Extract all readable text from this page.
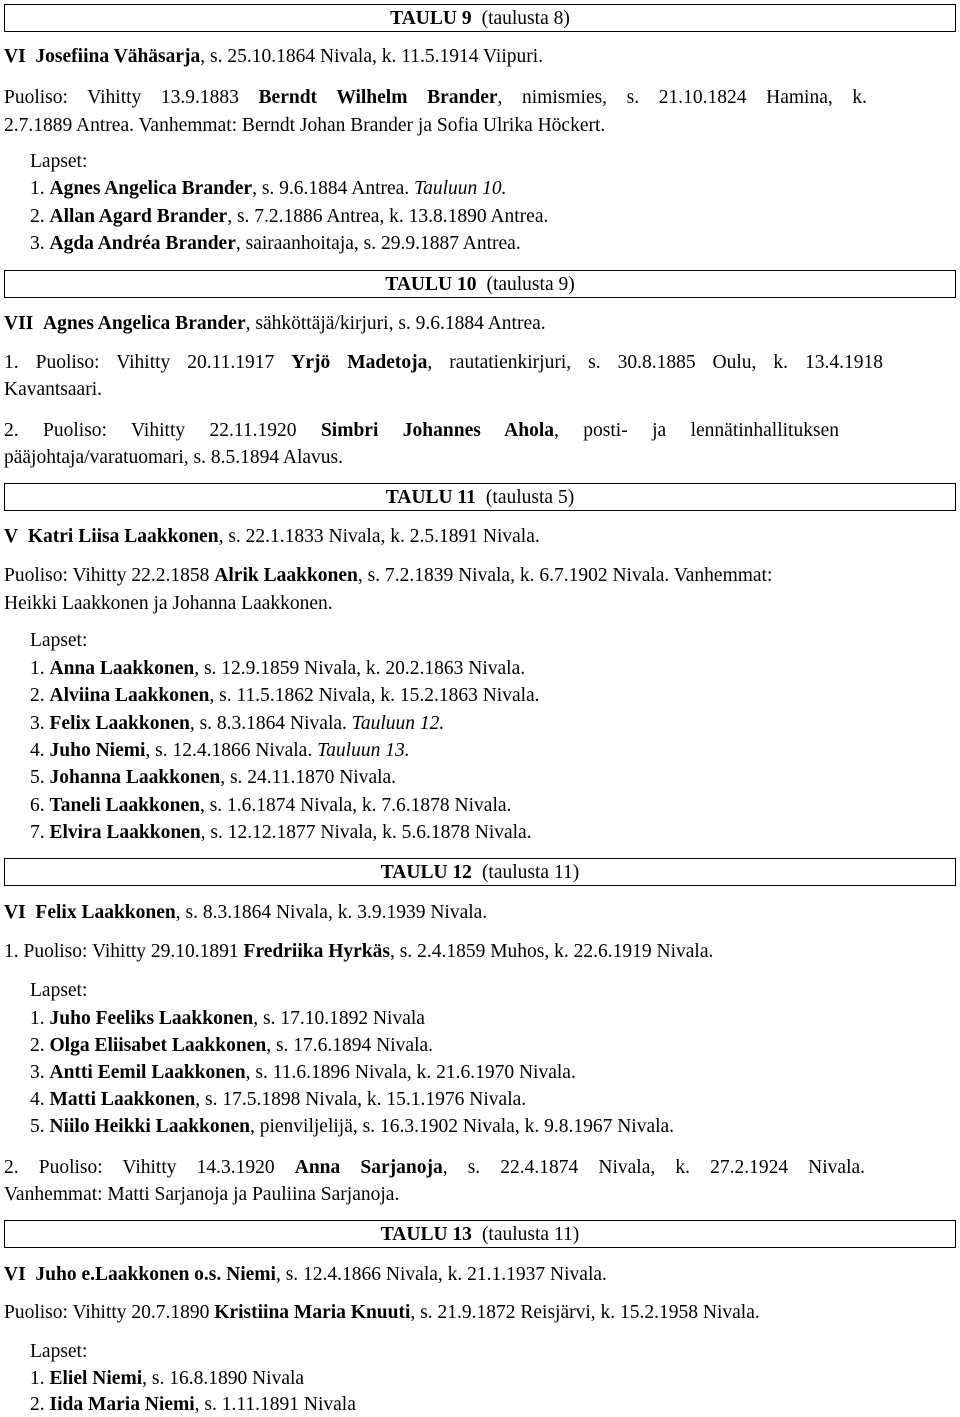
TAULU 9 (taulusta 8)
VI Josefiina Vähäsarja, s. 25.10.1864 Nivala, k. 11.5.1914 Viipuri.
Puoliso: Vihitty 13.9.1883 Berndt Wilhelm Brander, nimismies, s. 21.10.1824 Hamina, k.
2.7.1889 Antrea. Vanhemmat: Berndt Johan Brander ja Sofia Ulrika Höckert.
Lapset:
1. Agnes Angelica Brander, s. 9.6.1884 Antrea. Tauluun 10.
2. Allan Agard Brander, s. 7.2.1886 Antrea, k. 13.8.1890 Antrea.
3. Agda Andréa Brander, sairaanhoitaja, s. 29.9.1887 Antrea.
TAULU 10 (taulusta 9)
VII Agnes Angelica Brander, sähköttäjä/kirjuri, s. 9.6.1884 Antrea.
1. Puoliso: Vihitty 20.11.1917 Yrjö Madetoja, rautatienkirjuri, s. 30.8.1885 Oulu, k. 13.4.1918
Kavantsaari.
2. Puoliso: Vihitty 22.11.1920 Simbri Johannes Ahola, posti- ja lennätinhallituksen
pääjohtaja/varatuomari, s. 8.5.1894 Alavus.
TAULU 11 (taulusta 5)
V Katri Liisa Laakkonen, s. 22.1.1833 Nivala, k. 2.5.1891 Nivala.
Puoliso: Vihitty 22.2.1858 Alrik Laakkonen, s. 7.2.1839 Nivala, k. 6.7.1902 Nivala. Vanhemmat:
Heikki Laakkonen ja Johanna Laakkonen.
Lapset:
1. Anna Laakkonen, s. 12.9.1859 Nivala, k. 20.2.1863 Nivala.
2. Alviina Laakkonen, s. 11.5.1862 Nivala, k. 15.2.1863 Nivala.
3. Felix Laakkonen, s. 8.3.1864 Nivala. Tauluun 12.
4. Juho Niemi, s. 12.4.1866 Nivala. Tauluun 13.
5. Johanna Laakkonen, s. 24.11.1870 Nivala.
6. Taneli Laakkonen, s. 1.6.1874 Nivala, k. 7.6.1878 Nivala.
7. Elvira Laakkonen, s. 12.12.1877 Nivala, k. 5.6.1878 Nivala.
TAULU 12 (taulusta 11)
VI Felix Laakkonen, s. 8.3.1864 Nivala, k. 3.9.1939 Nivala.
1. Puoliso: Vihitty 29.10.1891 Fredriika Hyrkäs, s. 2.4.1859 Muhos, k. 22.6.1919 Nivala.
Lapset:
1. Juho Feeliks Laakkonen, s. 17.10.1892 Nivala
2. Olga Eliisabet Laakkonen, s. 17.6.1894 Nivala.
3. Antti Eemil Laakkonen, s. 11.6.1896 Nivala, k. 21.6.1970 Nivala.
4. Matti Laakkonen, s. 17.5.1898 Nivala, k. 15.1.1976 Nivala.
5. Niilo Heikki Laakkonen, pienviljelijä, s. 16.3.1902 Nivala, k. 9.8.1967 Nivala.
2. Puoliso: Vihitty 14.3.1920 Anna Sarjanoja, s. 22.4.1874 Nivala, k. 27.2.1924 Nivala.
Vanhemmat: Matti Sarjanoja ja Pauliina Sarjanoja.
TAULU 13 (taulusta 11)
VI Juho e.Laakkonen o.s. Niemi, s. 12.4.1866 Nivala, k. 21.1.1937 Nivala.
Puoliso: Vihitty 20.7.1890 Kristiina Maria Knuuti, s. 21.9.1872 Reisjärvi, k. 15.2.1958 Nivala.
Lapset:
1. Eliel Niemi, s. 16.8.1890 Nivala
2. Iida Maria Niemi, s. 1.11.1891 Nivala
